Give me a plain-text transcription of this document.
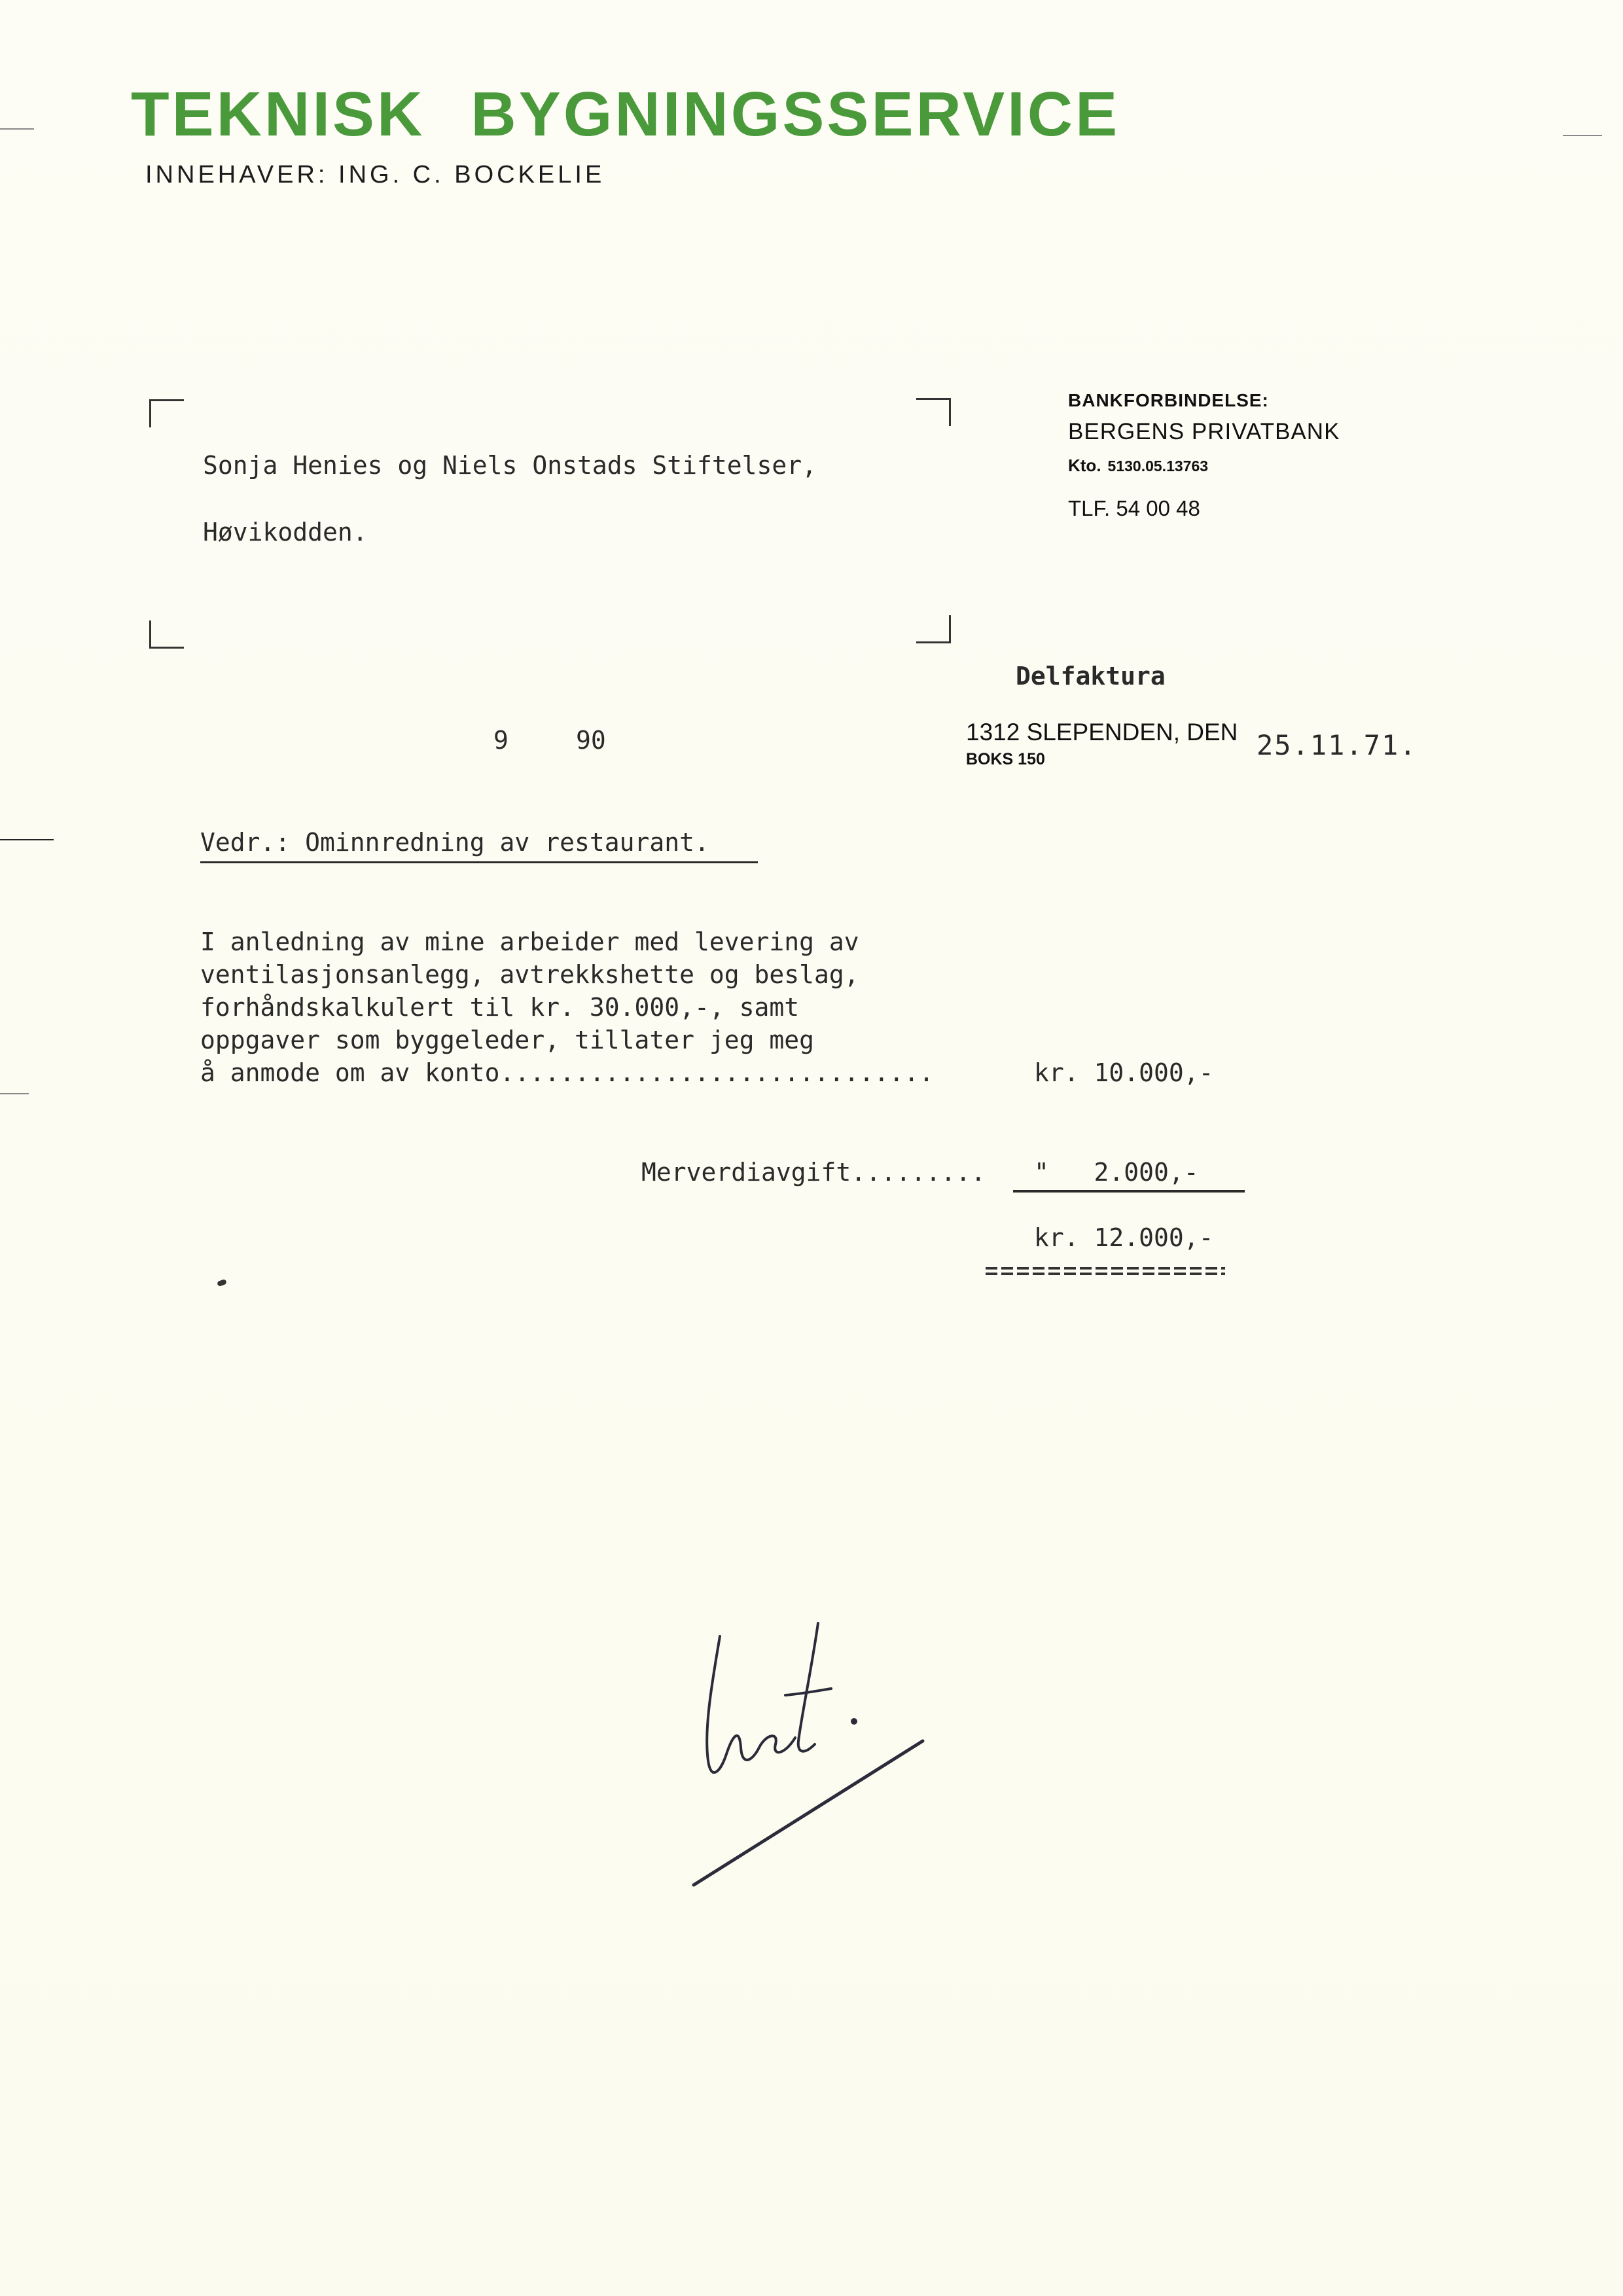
TEKNISK BYGNINGSSERVICE
INNEHAVER: ING. C. BOCKELIE
BANKFORBINDELSE:
BERGENS PRIVATBANK
Kto. 5130.05.13763
TLF. 54 00 48
Sonja Henies og Niels Onstads Stiftelser,
Høvikodden.
Delfaktura
9	90	1312 SLEPENDEN, DEN
BOKS 150	25.11.71.
Vedr.: Ominnredning av restaurant.
I anledning av mine arbeider med levering av
ventilasjonsanlegg, avtrekkshette og beslag,
forhåndskalkulert til kr. 30.000,-, samt
oppgaver som byggeleder, tillater jeg meg
å anmode om av konto.............................	kr. 10.000,-
Merverdiavgift......... "   2.000,-
kr. 12.000,-
